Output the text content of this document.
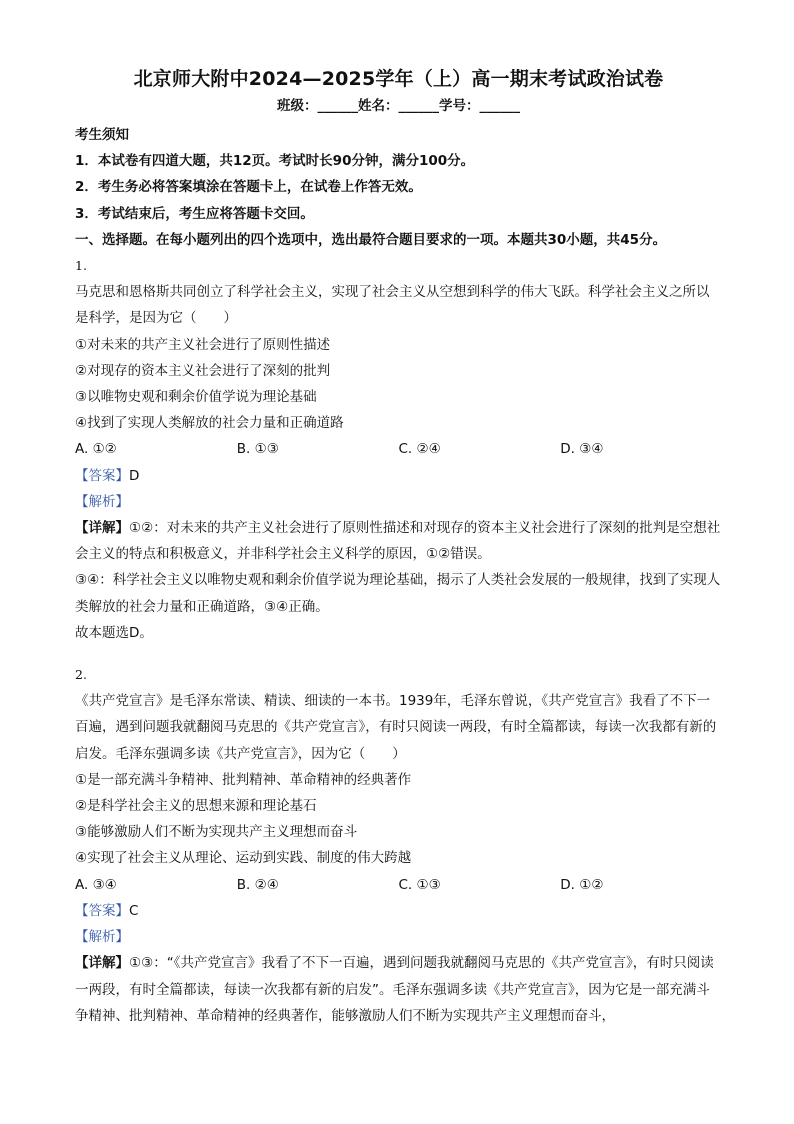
北京师大附中2024—2025学年（上）高一期末考试政治试卷

班级：______姓名：______学号：______

考生须知

1．本试卷有四道大题，共12页。考试时长90分钟，满分100分。

2．考生务必将答案填涂在答题卡上，在试卷上作答无效。

3．考试结束后，考生应将答题卡交回。

一、选择题。在每小题列出的四个选项中，选出最符合题目要求的一项。本题共30小题，共45分。

1.

马克思和恩格斯共同创立了科学社会主义，实现了社会主义从空想到科学的伟大飞跃。科学社会主义之所以是科学，是因为它（　　）

①对未来的共产主义社会进行了原则性描述

②对现存的资本主义社会进行了深刻的批判

③以唯物史观和剩余价值学说为理论基础

④找到了实现人类解放的社会力量和正确道路

A. ①②	B. ①③	C. ②④	D. ③④

【答案】D

【解析】

【详解】①②：对未来的共产主义社会进行了原则性描述和对现存的资本主义社会进行了深刻的批判是空想社会主义的特点和积极意义，并非科学社会主义科学的原因，①②错误。

③④：科学社会主义以唯物史观和剩余价值学说为理论基础，揭示了人类社会发展的一般规律，找到了实现人类解放的社会力量和正确道路，③④正确。

故本题选D。

2.

《共产党宣言》是毛泽东常读、精读、细读的一本书。1939年，毛泽东曾说，《共产党宣言》我看了不下一百遍，遇到问题我就翻阅马克思的《共产党宣言》，有时只阅读一两段，有时全篇都读，每读一次我都有新的启发。毛泽东强调多读《共产党宣言》，因为它（　　）

①是一部充满斗争精神、批判精神、革命精神的经典著作

②是科学社会主义的思想来源和理论基石

③能够激励人们不断为实现共产主义理想而奋斗

④实现了社会主义从理论、运动到实践、制度的伟大跨越

A. ③④	B. ②④	C. ①③	D. ①②

【答案】C

【解析】

【详解】①③：“《共产党宣言》我看了不下一百遍，遇到问题我就翻阅马克思的《共产党宣言》，有时只阅读一两段，有时全篇都读，每读一次我都有新的启发”。毛泽东强调多读《共产党宣言》，因为它是一部充满斗争精神、批判精神、革命精神的经典著作，能够激励人们不断为实现共产主义理想而奋斗，
